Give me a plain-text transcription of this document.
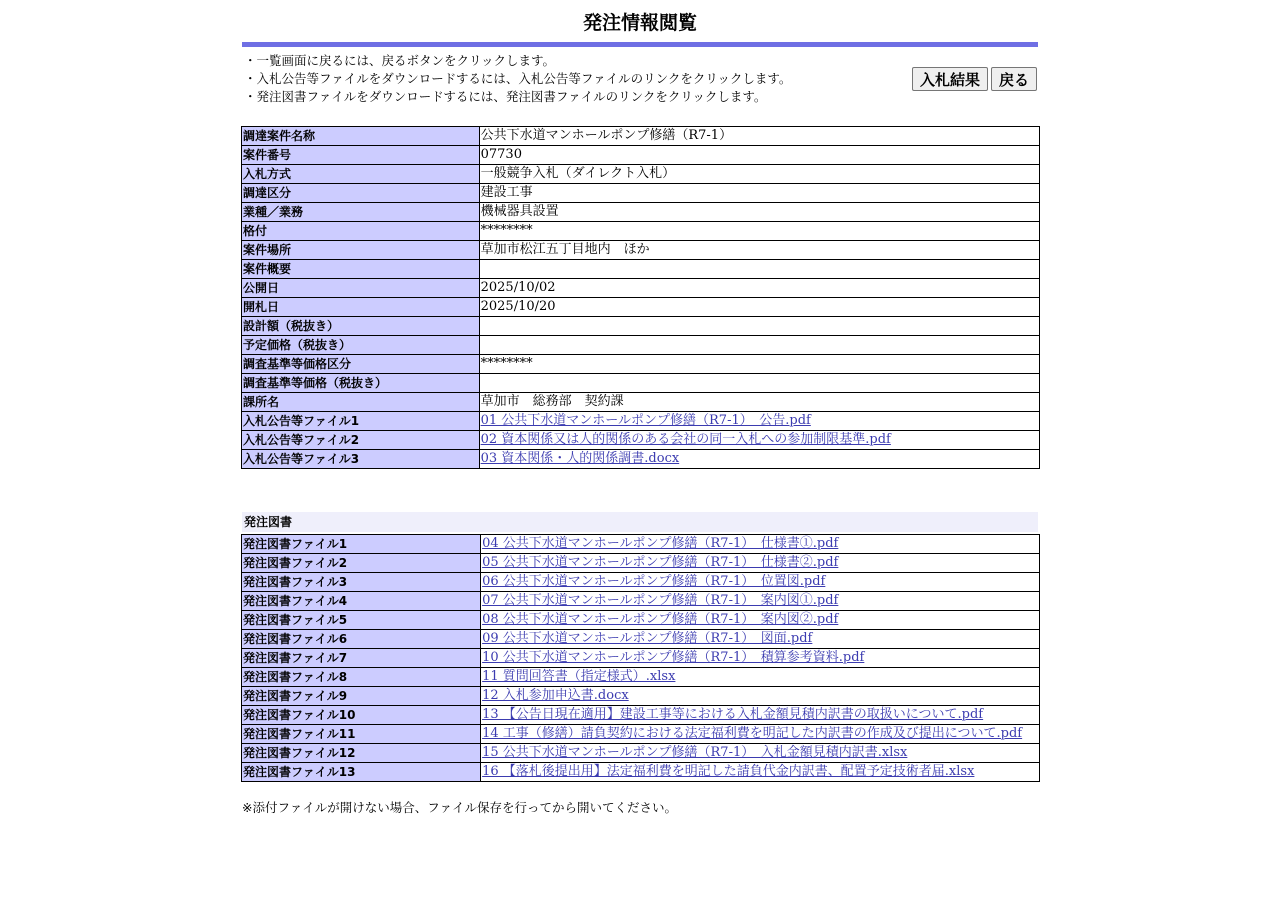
発注情報閲覧
・一覧画面に戻るには、戻るボタンをクリックします。
・入札公告等ファイルをダウンロードするには、入札公告等ファイルのリンクをクリックします。
・発注図書ファイルをダウンロードするには、発注図書ファイルのリンクをクリックします。
入札結果	戻る
調達案件名称	公共下水道マンホールポンプ修繕（R7-1）
案件番号	07730
入札方式	一般競争入札（ダイレクト入札）
調達区分	建設工事
業種／業務	機械器具設置
格付	********
案件場所	草加市松江五丁目地内　ほか
案件概要	
公開日	2025/10/02
開札日	2025/10/20
設計額（税抜き）	
予定価格（税抜き）	
調査基準等価格区分	********
調査基準等価格（税抜き）	
課所名	草加市　総務部　契約課
入札公告等ファイル1	01 公共下水道マンホールポンプ修繕（R7-1）　公告.pdf
入札公告等ファイル2	02 資本関係又は人的関係のある会社の同一入札への参加制限基準.pdf
入札公告等ファイル3	03 資本関係・人的関係調書.docx
発注図書
発注図書ファイル1	04 公共下水道マンホールポンプ修繕（R7-1）　仕様書①.pdf
発注図書ファイル2	05 公共下水道マンホールポンプ修繕（R7-1）　仕様書②.pdf
発注図書ファイル3	06 公共下水道マンホールポンプ修繕（R7-1）　位置図.pdf
発注図書ファイル4	07 公共下水道マンホールポンプ修繕（R7-1）　案内図①.pdf
発注図書ファイル5	08 公共下水道マンホールポンプ修繕（R7-1）　案内図②.pdf
発注図書ファイル6	09 公共下水道マンホールポンプ修繕（R7-1）　図面.pdf
発注図書ファイル7	10 公共下水道マンホールポンプ修繕（R7-1）　積算参考資料.pdf
発注図書ファイル8	11 質問回答書（指定様式）.xlsx
発注図書ファイル9	12 入札参加申込書.docx
発注図書ファイル10	13 【公告日現在適用】建設工事等における入札金額見積内訳書の取扱いについて.pdf
発注図書ファイル11	14 工事（修繕）請負契約における法定福利費を明記した内訳書の作成及び提出について.pdf
発注図書ファイル12	15 公共下水道マンホールポンプ修繕（R7-1）　入札金額見積内訳書.xlsx
発注図書ファイル13	16 【落札後提出用】法定福利費を明記した請負代金内訳書、配置予定技術者届.xlsx
※添付ファイルが開けない場合、ファイル保存を行ってから開いてください。
